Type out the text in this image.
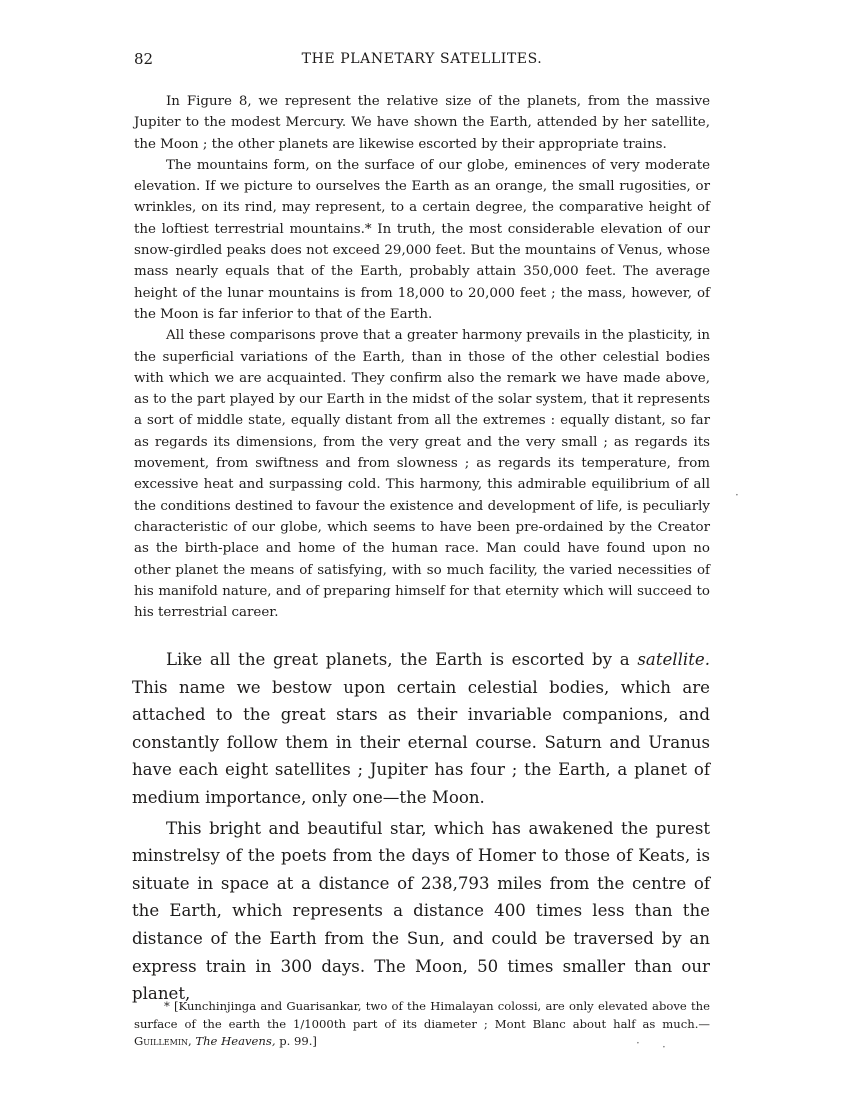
82	THE PLANETARY SATELLITES.

In Figure 8, we represent the relative size of the planets, from the massive Jupiter to the modest Mercury. We have shown the Earth, attended by her satellite, the Moon ; the other planets are likewise escorted by their appropriate trains.

The mountains form, on the surface of our globe, eminences of very moderate elevation. If we picture to ourselves the Earth as an orange, the small rugosities, or wrinkles, on its rind, may represent, to a certain degree, the comparative height of the loftiest terrestrial mountains.* In truth, the most considerable elevation of our snow-girdled peaks does not exceed 29,000 feet. But the mountains of Venus, whose mass nearly equals that of the Earth, probably attain 350,000 feet. The average height of the lunar mountains is from 18,000 to 20,000 feet ; the mass, however, of the Moon is far inferior to that of the Earth.

All these comparisons prove that a greater harmony prevails in the plasticity, in the superficial variations of the Earth, than in those of the other celestial bodies with which we are acquainted. They confirm also the remark we have made above, as to the part played by our Earth in the midst of the solar system, that it represents a sort of middle state, equally distant from all the extremes : equally distant, so far as regards its dimensions, from the very great and the very small ; as regards its movement, from swiftness and from slowness ; as regards its temperature, from excessive heat and surpassing cold. This harmony, this admirable equilibrium of all the conditions destined to favour the existence and development of life, is peculiarly characteristic of our globe, which seems to have been pre-ordained by the Creator as the birth-place and home of the human race. Man could have found upon no other planet the means of satisfying, with so much facility, the varied necessities of his manifold nature, and of preparing himself for that eternity which will succeed to his terrestrial career.

Like all the great planets, the Earth is escorted by a satellite. This name we bestow upon certain celestial bodies, which are attached to the great stars as their invariable companions, and constantly follow them in their eternal course. Saturn and Uranus have each eight satellites ; Jupiter has four ; the Earth, a planet of medium importance, only one—the Moon.

This bright and beautiful star, which has awakened the purest minstrelsy of the poets from the days of Homer to those of Keats, is situate in space at a distance of 238,793 miles from the centre of the Earth, which represents a distance 400 times less than the distance of the Earth from the Sun, and could be traversed by an express train in 300 days. The Moon, 50 times smaller than our planet,

* [Kunchinjinga and Guarisankar, two of the Himalayan colossi, are only elevated above the surface of the earth the 1/1000th part of its diameter ; Mont Blanc about half as much.—Guillemin, The Heavens, p. 99.]

·
· ·
